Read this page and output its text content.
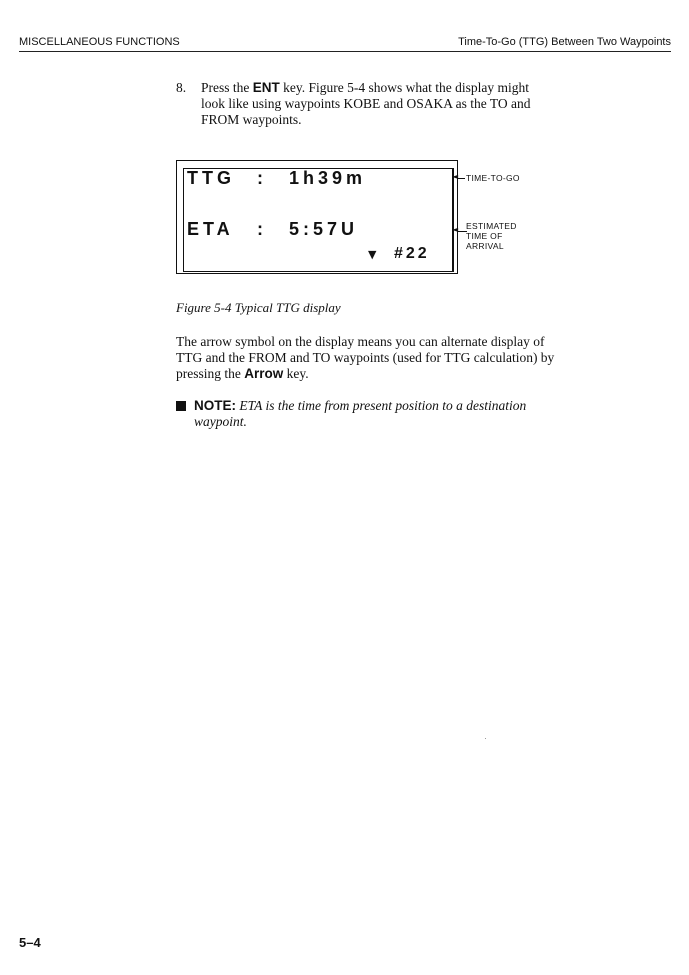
MISCELLANEOUS FUNCTIONS	Time-To-Go (TTG) Between Two Waypoints
8. Press the ENT key. Figure 5-4 shows what the display might look like using waypoints KOBE and OSAKA as the TO and FROM waypoints.
TTG : 1h39m
ETA : 5:57U
▼ #22
◄ TIME-TO-GO
◄ ESTIMATED
TIME OF
ARRIVAL
Figure 5-4 Typical TTG display
The arrow symbol on the display means you can alternate display of TTG and the FROM and TO waypoints (used for TTG calculation) by pressing the Arrow key.
NOTE: ETA is the time from present position to a destination waypoint.
5–4
